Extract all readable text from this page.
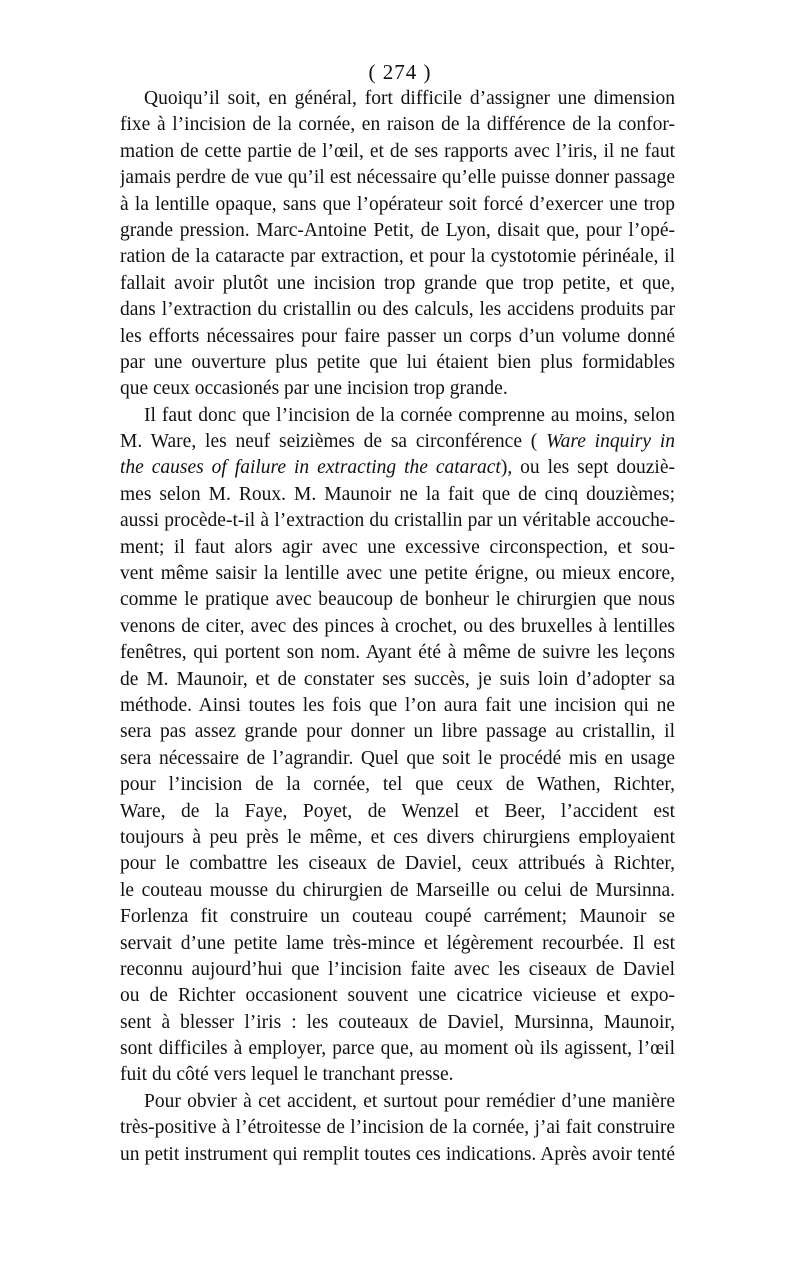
( 274 )
Quoiqu’il soit, en général, fort difficile d’assigner une dimension
fixe à l’incision de la cornée, en raison de la différence de la confor-
mation de cette partie de l’œil, et de ses rapports avec l’iris, il ne faut
jamais perdre de vue qu’il est nécessaire qu’elle puisse donner passage
à la lentille opaque, sans que l’opérateur soit forcé d’exercer une trop
grande pression. Marc-Antoine Petit, de Lyon, disait que, pour l’opé-
ration de la cataracte par extraction, et pour la cystotomie périnéale, il
fallait avoir plutôt une incision trop grande que trop petite, et que,
dans l’extraction du cristallin ou des calculs, les accidens produits par
les efforts nécessaires pour faire passer un corps d’un volume donné
par une ouverture plus petite que lui étaient bien plus formidables
que ceux occasionés par une incision trop grande.
Il faut donc que l’incision de la cornée comprenne au moins, selon
M. Ware, les neuf seizièmes de sa circonférence ( Ware inquiry in
the causes of failure in extracting the cataract), ou les sept douziè-
mes selon M. Roux. M. Maunoir ne la fait que de cinq douzièmes;
aussi procède-t-il à l’extraction du cristallin par un véritable accouche-
ment; il faut alors agir avec une excessive circonspection, et sou-
vent même saisir la lentille avec une petite érigne, ou mieux encore,
comme le pratique avec beaucoup de bonheur le chirurgien que nous
venons de citer, avec des pinces à crochet, ou des bruxelles à lentilles
fenêtres, qui portent son nom. Ayant été à même de suivre les leçons
de M. Maunoir, et de constater ses succès, je suis loin d’adopter sa
méthode. Ainsi toutes les fois que l’on aura fait une incision qui ne
sera pas assez grande pour donner un libre passage au cristallin, il
sera nécessaire de l’agrandir. Quel que soit le procédé mis en usage
pour l’incision de la cornée, tel que ceux de Wathen, Richter,
Ware, de la Faye, Poyet, de Wenzel et Beer, l’accident est
toujours à peu près le même, et ces divers chirurgiens employaient
pour le combattre les ciseaux de Daviel, ceux attribués à Richter,
le couteau mousse du chirurgien de Marseille ou celui de Mursinna.
Forlenza fit construire un couteau coupé carrément; Maunoir se
servait d’une petite lame très-mince et légèrement recourbée. Il est
reconnu aujourd’hui que l’incision faite avec les ciseaux de Daviel
ou de Richter occasionent souvent une cicatrice vicieuse et expo-
sent à blesser l’iris : les couteaux de Daviel, Mursinna, Maunoir,
sont difficiles à employer, parce que, au moment où ils agissent, l’œil
fuit du côté vers lequel le tranchant presse.
Pour obvier à cet accident, et surtout pour remédier d’une manière
très-positive à l’étroitesse de l’incision de la cornée, j’ai fait construire
un petit instrument qui remplit toutes ces indications. Après avoir tenté
